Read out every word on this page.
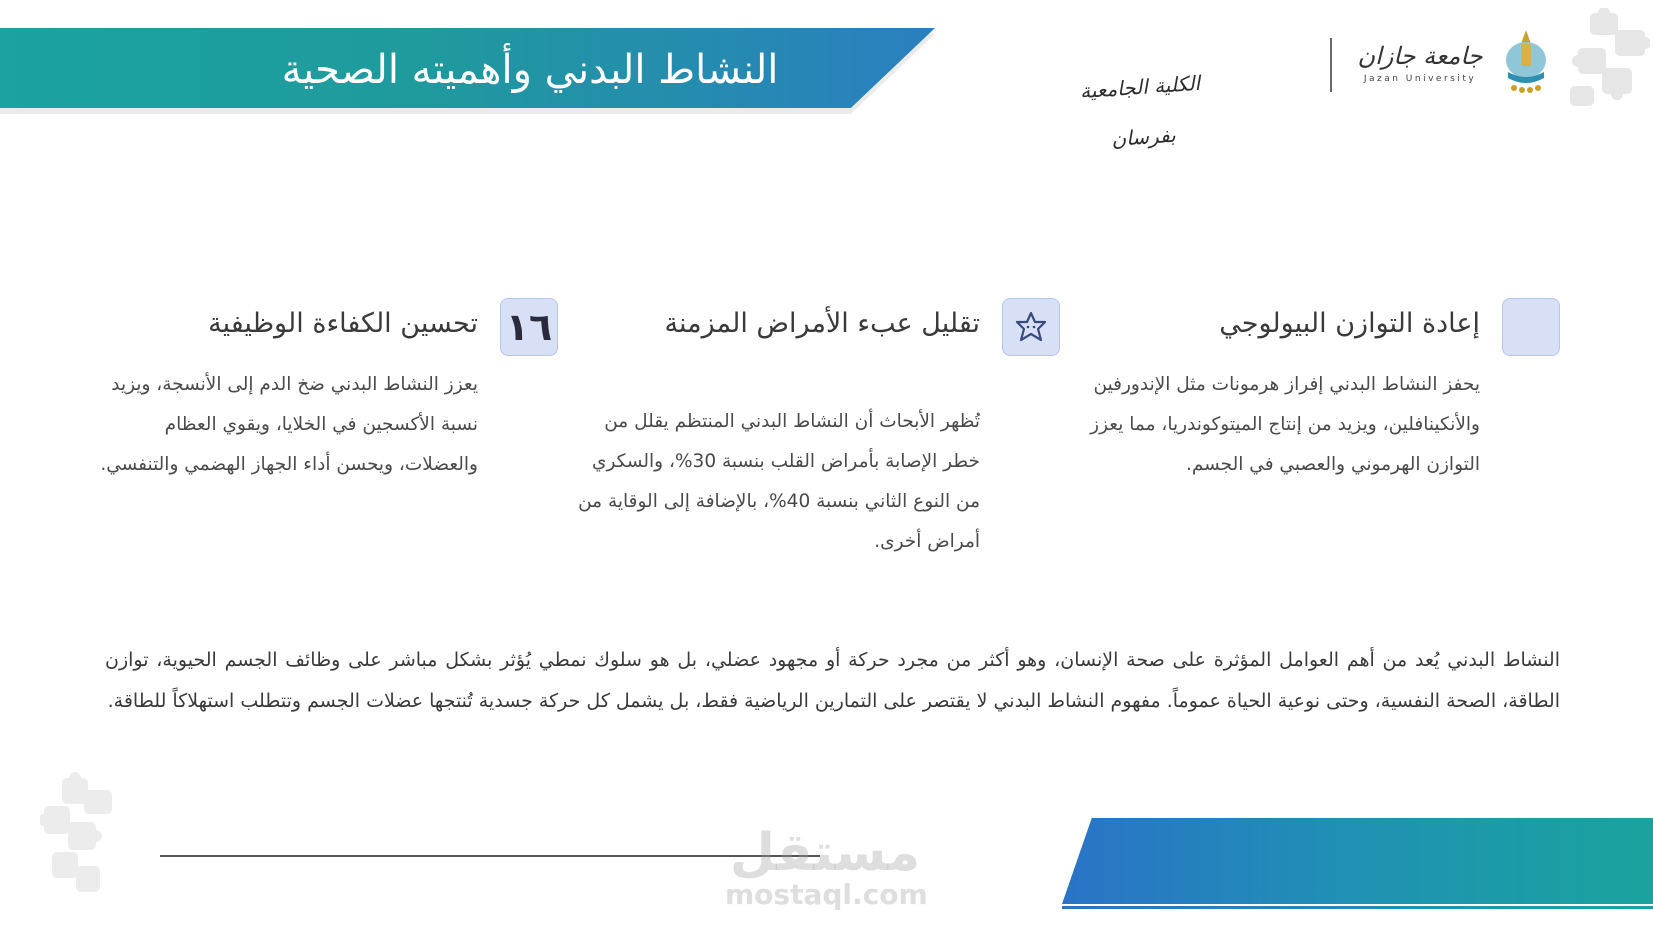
النشاط البدني وأهميته الصحية	الكلية الجامعية بفرسان
جامعة جازان
Jazan University
إعادة التوازن البيولوجي
يحفز النشاط البدني إفراز هرمونات مثل الإندورفين والأنكينافلين، ويزيد من إنتاج الميتوكوندريا، مما يعزز التوازن الهرموني والعصبي في الجسم.
تقليل عبء الأمراض المزمنة
تُظهر الأبحاث أن النشاط البدني المنتظم يقلل من خطر الإصابة بأمراض القلب بنسبة 30%، والسكري من النوع الثاني بنسبة 40%، بالإضافة إلى الوقاية من أمراض أخرى.
١٦
تحسين الكفاءة الوظيفية
يعزز النشاط البدني ضخ الدم إلى الأنسجة، ويزيد نسبة الأكسجين في الخلايا، ويقوي العظام والعضلات، ويحسن أداء الجهاز الهضمي والتنفسي.
النشاط البدني يُعد من أهم العوامل المؤثرة على صحة الإنسان، وهو أكثر من مجرد حركة أو مجهود عضلي، بل هو سلوك نمطي يُؤثر بشكل مباشر على وظائف الجسم الحيوية، توازن الطاقة، الصحة النفسية، وحتى نوعية الحياة عموماً. مفهوم النشاط البدني لا يقتصر على التمارين الرياضية فقط، بل يشمل كل حركة جسدية تُنتجها عضلات الجسم وتتطلب استهلاكاً للطاقة.
مستقل
mostaql.com
